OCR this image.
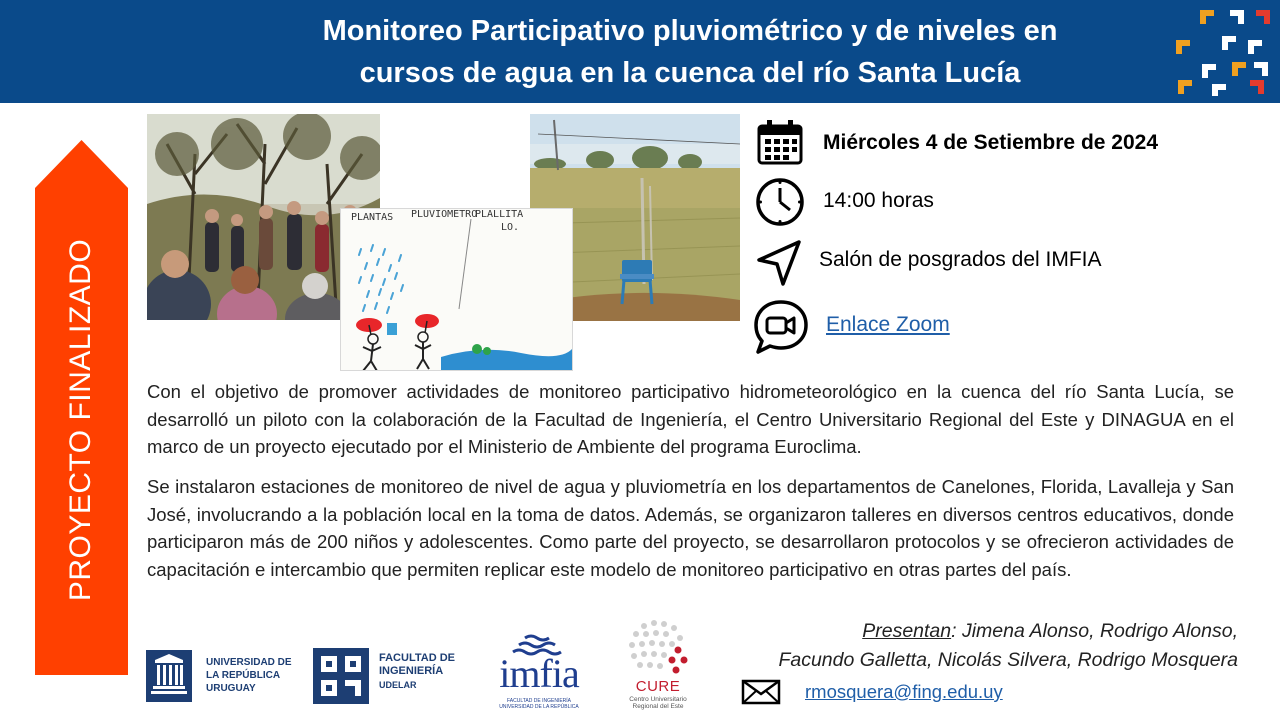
Monitoreo Participativo pluviométrico y de niveles en
cursos de agua en la cuenca del río Santa Lucía
PROYECTO FINALIZADO
PLANTAS PLUVIOMETRO
PLALLITA
LO.
Miércoles 4 de Setiembre de 2024
14:00 horas
Salón de posgrados del IMFIA
Enlace Zoom

Con el objetivo de promover actividades de monitoreo participativo hidrometeorológico en la cuenca del río Santa Lucía, se desarrolló un piloto con la colaboración de la Facultad de Ingeniería, el Centro Universitario Regional del Este y DINAGUA en el marco de un proyecto ejecutado por el Ministerio de Ambiente del programa Euroclima.

Se instalaron estaciones de monitoreo de nivel de agua y pluviometría en los departamentos de Canelones, Florida, Lavalleja y San José, involucrando a la población local en la toma de datos. Además, se organizaron talleres en diversos centros educativos, donde participaron más de 200 niños y adolescentes. Como parte del proyecto, se desarrollaron protocolos y se ofrecieron actividades de capacitación e intercambio que permiten replicar este modelo de monitoreo participativo en otras partes del país.

UNIVERSIDAD DE LA REPÚBLICA URUGUAY
FACULTAD DE INGENIERÍA
UDELAR imfia
FACULTAD DE INGENIERÍA
UNIVERSIDAD DE LA REPÚBLICA
CURE
Centro Universitario Regional del Este
Presentan: Jimena Alonso, Rodrigo Alonso,
Facundo Galletta, Nicolás Silvera, Rodrigo Mosquera
rmosquera@fing.edu.uy
